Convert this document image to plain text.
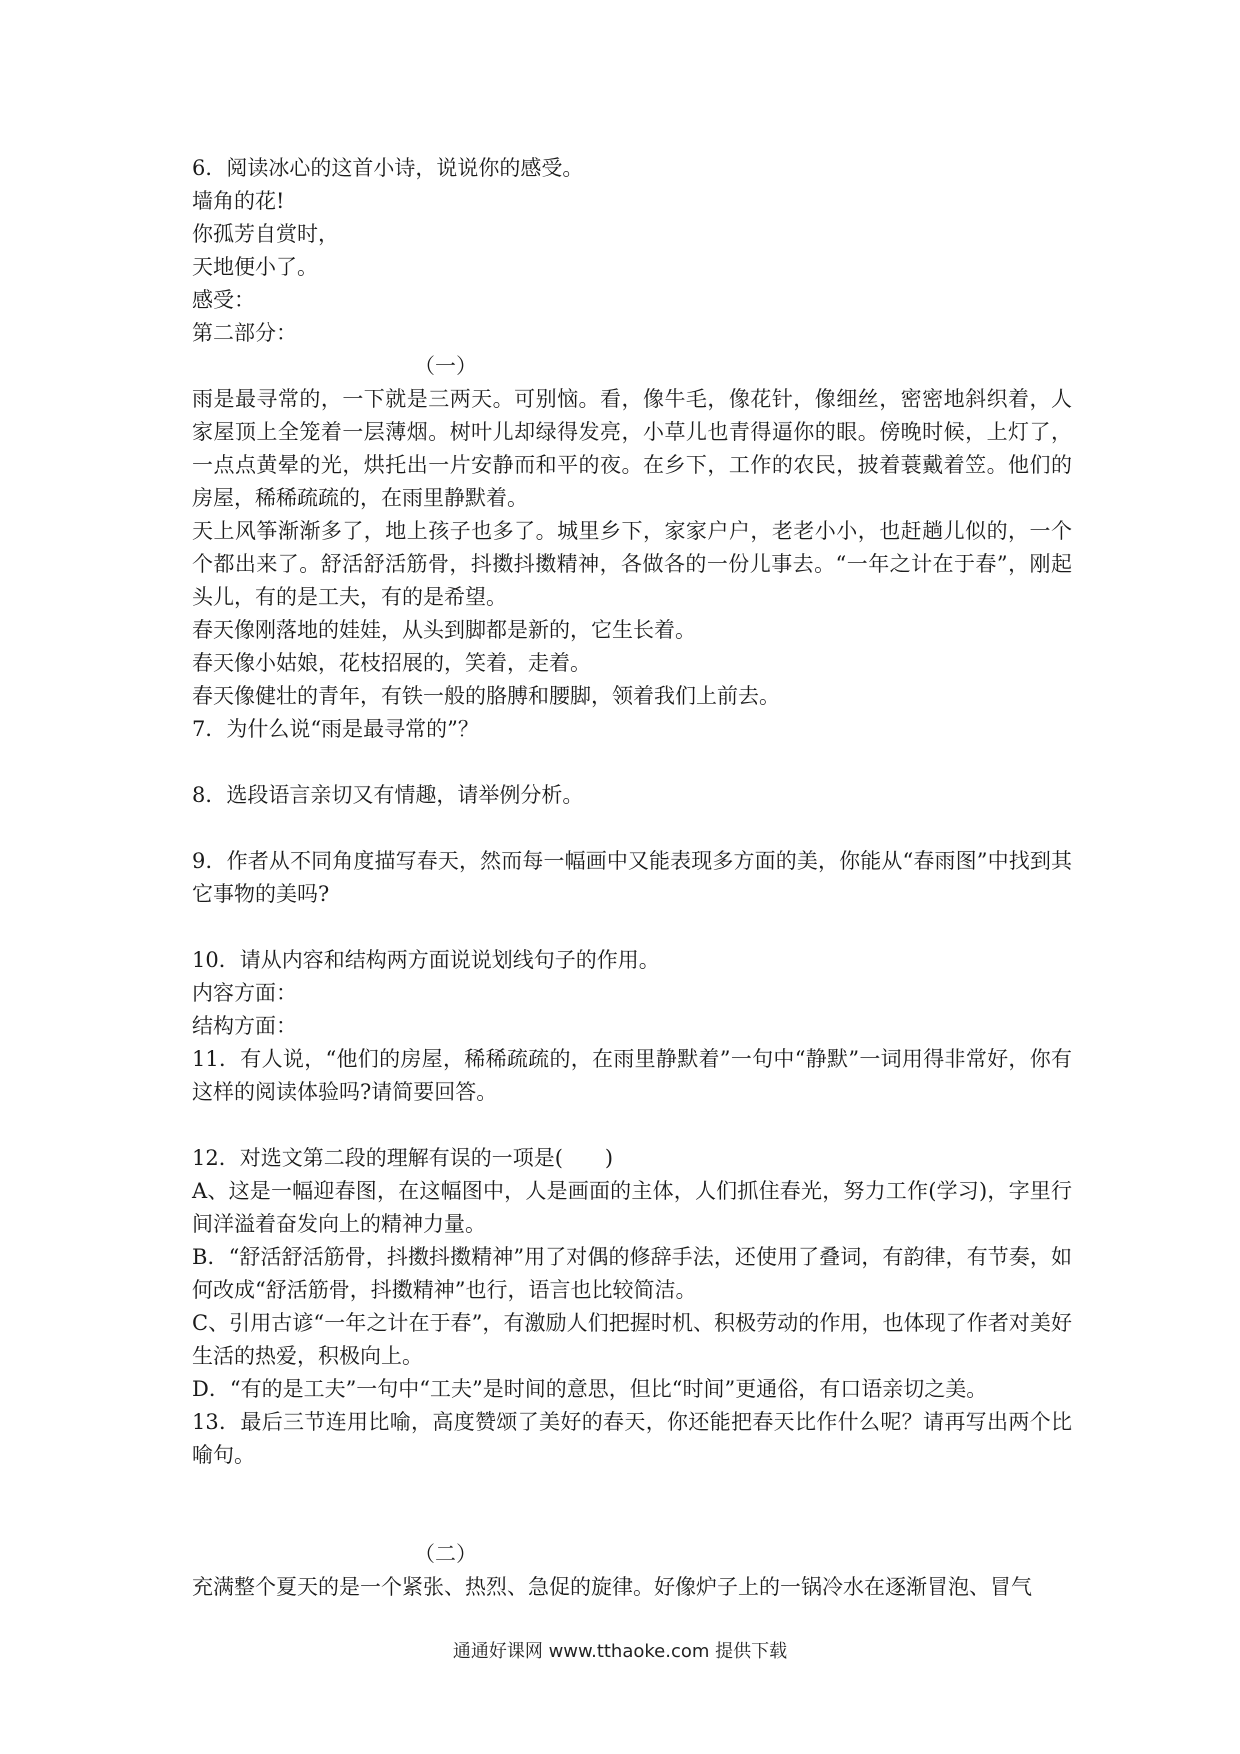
6．阅读冰心的这首小诗，说说你的感受。
墙角的花!
你孤芳自赏时，
天地便小了。
感受：
第二部分：
（一）
雨是最寻常的，一下就是三两天。可别恼。看，像牛毛，像花针，像细丝，密密地斜织着，人家屋顶上全笼着一层薄烟。树叶儿却绿得发亮，小草儿也青得逼你的眼。傍晚时候，上灯了，一点点黄晕的光，烘托出一片安静而和平的夜。在乡下，工作的农民，披着蓑戴着笠。他们的房屋，稀稀疏疏的，在雨里静默着。
天上风筝渐渐多了，地上孩子也多了。城里乡下，家家户户，老老小小，也赶趟儿似的，一个个都出来了。舒活舒活筋骨，抖擞抖擞精神，各做各的一份儿事去。“一年之计在于春”，刚起头儿，有的是工夫，有的是希望。
春天像刚落地的娃娃，从头到脚都是新的，它生长着。
春天像小姑娘，花枝招展的，笑着，走着。
春天像健壮的青年，有铁一般的胳膊和腰脚，领着我们上前去。
7．为什么说“雨是最寻常的”？
8．选段语言亲切又有情趣，请举例分析。
9．作者从不同角度描写春天，然而每一幅画中又能表现多方面的美，你能从“春雨图”中找到其它事物的美吗?
10．请从内容和结构两方面说说划线句子的作用。
内容方面：
结构方面：
11．有人说，“他们的房屋，稀稀疏疏的，在雨里静默着”一句中“静默”一词用得非常好，你有这样的阅读体验吗?请简要回答。
12．对选文第二段的理解有误的一项是(　　)
A、这是一幅迎春图，在这幅图中，人是画面的主体，人们抓住春光，努力工作(学习)，字里行间洋溢着奋发向上的精神力量。
B．“舒活舒活筋骨，抖擞抖擞精神”用了对偶的修辞手法，还使用了叠词，有韵律，有节奏，如何改成“舒活筋骨，抖擞精神”也行，语言也比较简洁。
C、引用古谚“一年之计在于春”，有激励人们把握时机、积极劳动的作用，也体现了作者对美好生活的热爱，积极向上。
D．“有的是工夫”一句中“工夫”是时间的意思，但比“时间”更通俗，有口语亲切之美。
13．最后三节连用比喻，高度赞颂了美好的春天，你还能把春天比作什么呢？请再写出两个比喻句。
（二）
充满整个夏天的是一个紧张、热烈、急促的旋律。好像炉子上的一锅冷水在逐渐冒泡、冒气
通通好课网 www.tthaoke.com 提供下载
